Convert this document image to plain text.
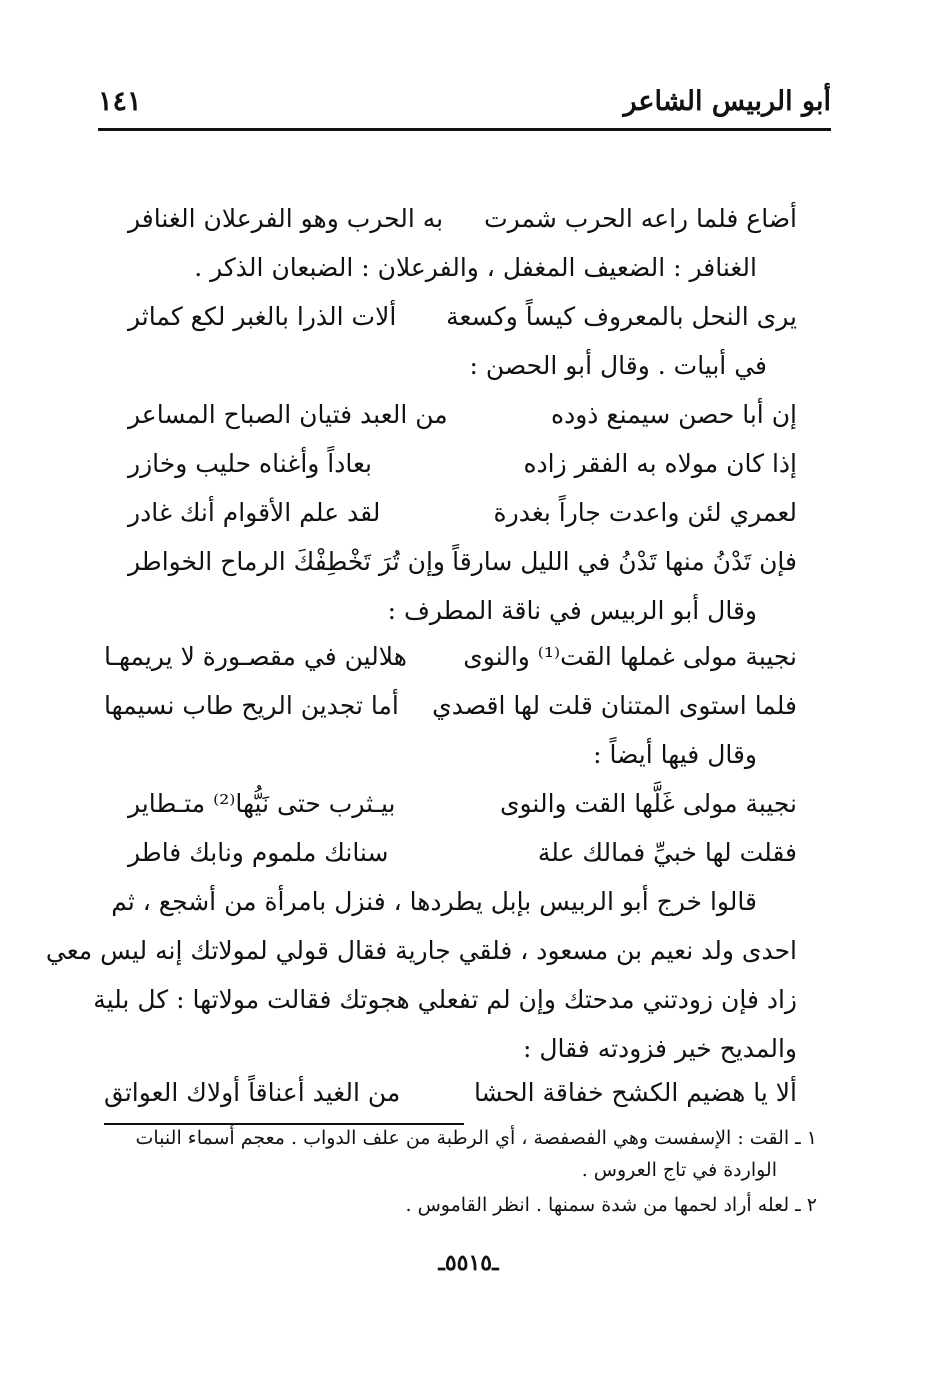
أبو الربيس الشاعر
١٤١
أضاع فلما راعه الحرب شمرت
به الحرب وهو الفرعلان الغنافر
الغنافر : الضعيف المغفل ، والفرعلان : الضبعان الذكر .
يرى النحل بالمعروف كيساً وكسعة
ألات الذرا بالغبر لكع كماثر
في أبيات . وقال أبو الحصن :
إن أبا حصن سيمنع ذوده
من العبد فتيان الصباح المساعر
إذا كان مولاه به الفقر زاده
بعاداً وأغناه حليب وخازر
لعمري لئن واعدت جاراً بغدرة
لقد علم الأقوام أنك غادر
فإن تَدْنُ منها تَدْنُ في الليل سارقاً
وإن تُرَ تَخْطِفْكَ الرماح الخواطر
وقال أبو الربيس في ناقة المطرف :
نجيبة مولى غملها القت⁽¹⁾ والنوى
هلالين في مقصـورة لا يريمهـا
فلما استوى المتنان قلت لها اقصدي
أما تجدين الريح طاب نسيمها
وقال فيها أيضاً :
نجيبة مولى غَلَّها القت والنوى
بيـثرب حتى نَيُّها⁽²⁾ متـطاير
فقلت لها خبيِّ فمالك علة
سنانك ملموم ونابك فاطر
قالوا خرج أبو الربيس بإبل يطردها ، فنزل بامرأة من أشجع ، ثم
احدى ولد نعيم بن مسعود ، فلقي جارية فقال قولي لمولاتك إنه ليس معي
زاد فإن زودتني مدحتك وإن لم تفعلي هجوتك فقالت مولاتها : كل بلية
والمديح خير فزودته فقال :
ألا يا هضيم الكشح خفاقة الحشا
من الغيد أعناقاً أولاك العواتق
١ ـ القت : الإسفست وهي الفصفصة ، أي الرطبة من علف الدواب . معجم أسماء النبات
الواردة في تاج العروس .
٢ ـ لعله أراد لحمها من شدة سمنها . انظر القاموس .
ـ٥٥١٥ـ
